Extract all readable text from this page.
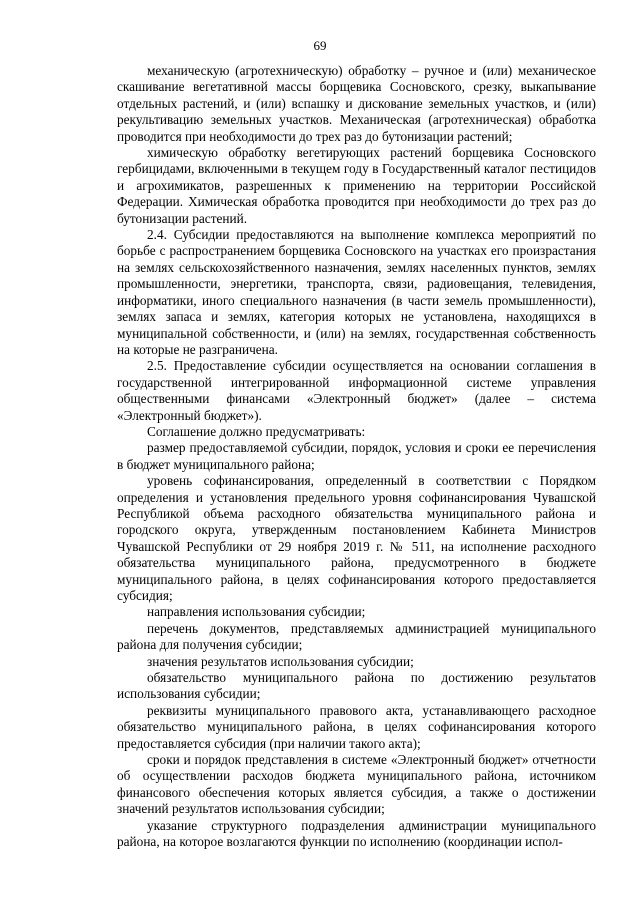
69

механическую (агротехническую) обработку – ручное и (или) механическое скашивание вегетативной массы борщевика Сосновского, срезку, выкапывание отдельных растений, и (или) вспашку и дискование земельных участков, и (или) рекультивацию земельных участков. Механическая (агротехническая) обработка проводится при необходимости до трех раз до бутонизации растений;

химическую обработку вегетирующих растений борщевика Сосновского гербицидами, включенными в текущем году в Государственный каталог пестицидов и агрохимикатов, разрешенных к применению на территории Российской Федерации. Химическая обработка проводится при необходимости до трех раз до бутонизации растений.

2.4. Субсидии предоставляются на выполнение комплекса мероприятий по борьбе с распространением борщевика Сосновского на участках его произрастания на землях сельскохозяйственного назначения, землях населенных пунктов, землях промышленности, энергетики, транспорта, связи, радиовещания, телевидения, информатики, иного специального назначения (в части земель промышленности), землях запаса и землях, категория которых не установлена, находящихся в муниципальной собственности, и (или) на землях, государственная собственность на которые не разграничена.

2.5. Предоставление субсидии осуществляется на основании соглашения в государственной интегрированной информационной системе управления общественными финансами «Электронный бюджет» (далее – система «Электронный бюджет»).

Соглашение должно предусматривать:

размер предоставляемой субсидии, порядок, условия и сроки ее перечисления в бюджет муниципального района;

уровень софинансирования, определенный в соответствии с Порядком определения и установления предельного уровня софинансирования Чувашской Республикой объема расходного обязательства муниципального района и городского округа, утвержденным постановлением Кабинета Министров Чувашской Республики от 29 ноября 2019 г. № 511, на исполнение расходного обязательства муниципального района, предусмотренного в бюджете муниципального района, в целях софинансирования которого предоставляется субсидия;

направления использования субсидии;

перечень документов, представляемых администрацией муниципального района для получения субсидии;

значения результатов использования субсидии;

обязательство муниципального района по достижению результатов использования субсидии;

реквизиты муниципального правового акта, устанавливающего расходное обязательство муниципального района, в целях софинансирования которого предоставляется субсидия (при наличии такого акта);

сроки и порядок представления в системе «Электронный бюджет» отчетности об осуществлении расходов бюджета муниципального района, источником финансового обеспечения которых является субсидия, а также о достижении значений результатов использования субсидии;

указание структурного подразделения администрации муниципального района, на которое возлагаются функции по исполнению (координации испол-
